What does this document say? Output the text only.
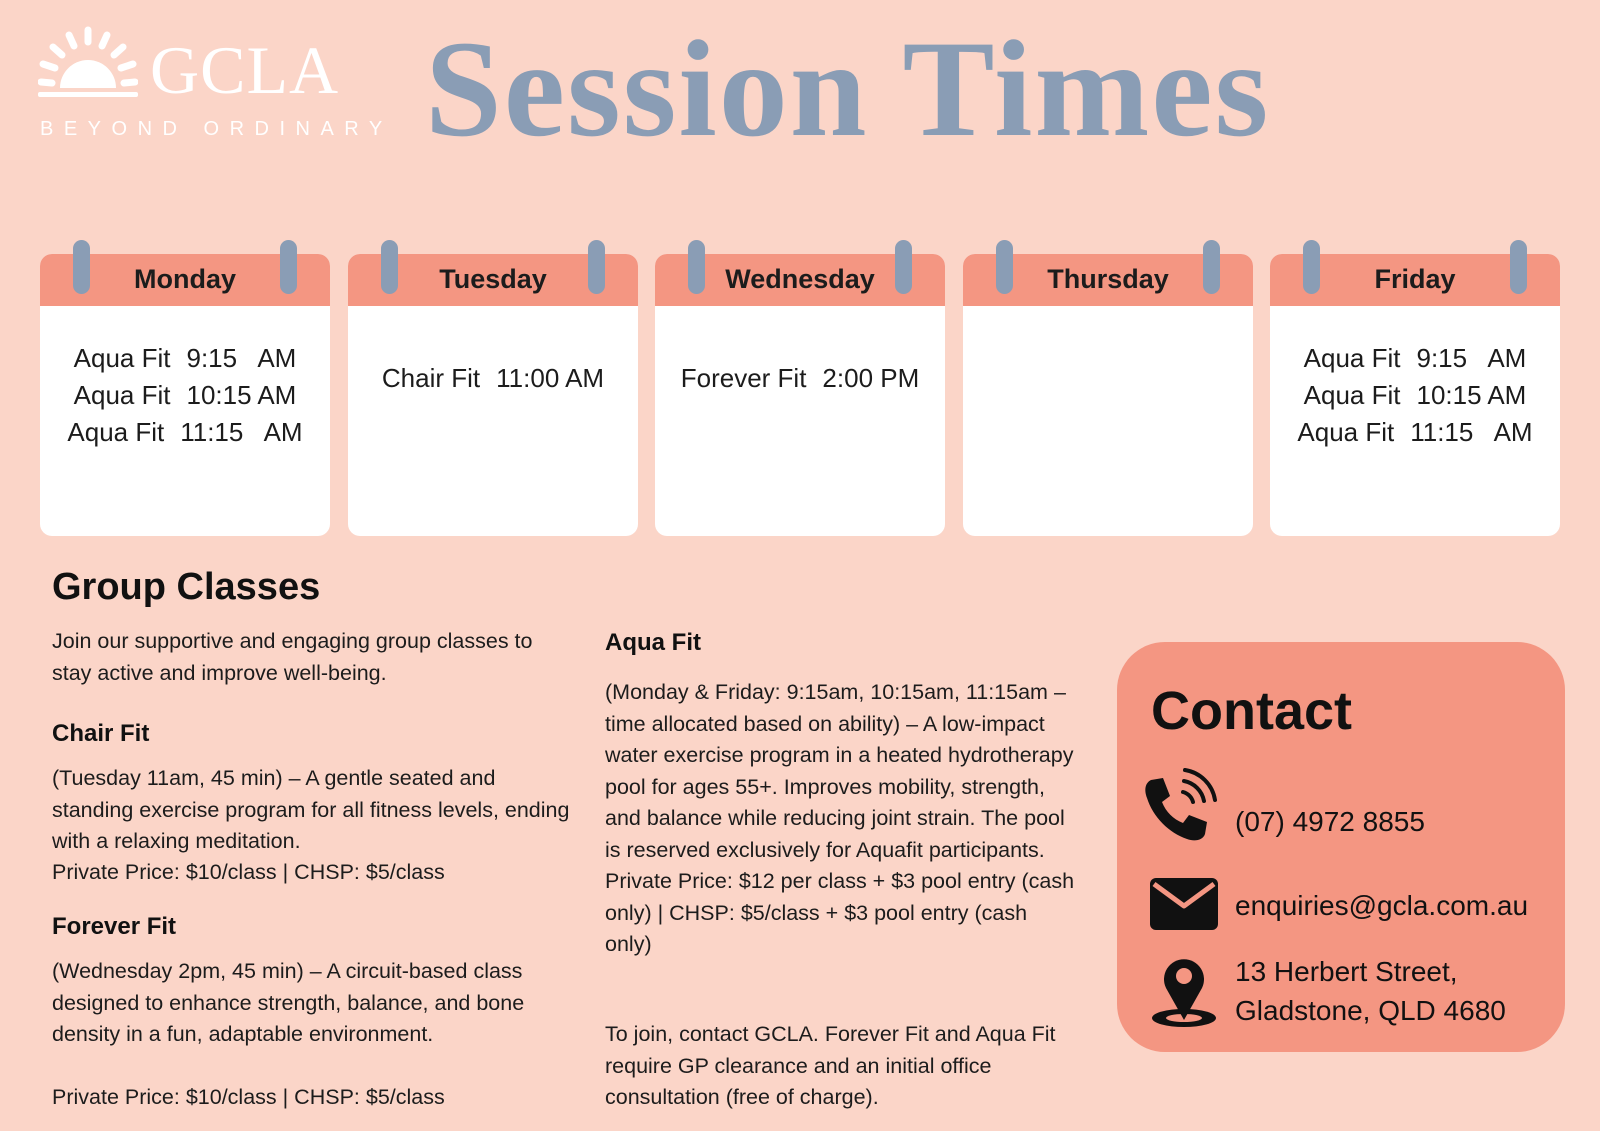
GCLA
BEYOND ORDINARY Session Times
Monday
Aqua Fit 9:15   AM
Aqua Fit 10:15 AM
Aqua Fit 11:15   AM
Tuesday
Chair Fit 11:00 AM
Wednesday
Forever Fit 2:00 PM
Thursday	Friday
Aqua Fit 9:15   AM
Aqua Fit 10:15 AM
Aqua Fit 11:15   AM
Group Classes
Join our supportive and engaging group classes to stay active and improve well-being.
Chair Fit
(Tuesday 11am, 45 min) – A gentle seated and standing exercise program for all fitness levels, ending with a relaxing meditation.
Private Price: $10/class | CHSP: $5/class
Forever Fit
(Wednesday 2pm, 45 min) – A circuit-based class designed to enhance strength, balance, and bone density in a fun, adaptable environment.
Private Price: $10/class | CHSP: $5/class
Aqua Fit
(Monday & Friday: 9:15am, 10:15am, 11:15am – time allocated based on ability) – A low-impact water exercise program in a heated hydrotherapy pool for ages 55+. Improves mobility, strength, and balance while reducing joint strain. The pool is reserved exclusively for Aquafit participants. Private Price: $12 per class + $3 pool entry (cash only) | CHSP: $5/class + $3 pool entry (cash only)
To join, contact GCLA. Forever Fit and Aqua Fit require GP clearance and an initial office consultation (free of charge).
Contact
(07) 4972 8855
enquiries@gcla.com.au
13 Herbert Street,
Gladstone, QLD 4680
